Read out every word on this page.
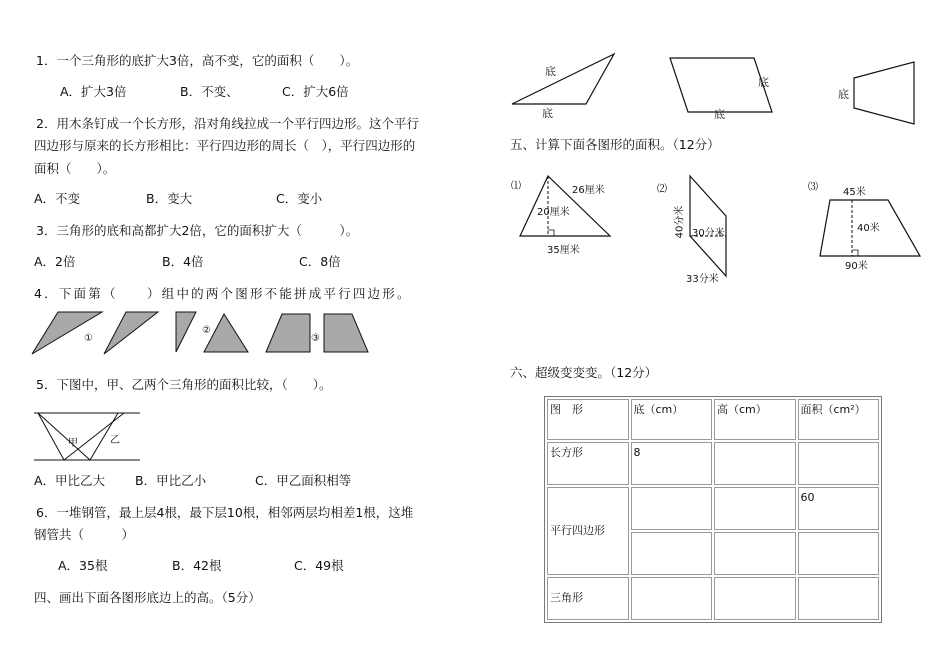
1．一个三角形的底扩大3倍，高不变，它的面积（　　）。
A．扩大3倍	B．不变、	C．扩大6倍
2．用木条钉成一个长方形，沿对角线拉成一个平行四边形。这个平行
四边形与原来的长方形相比：平行四边形的周长（　），平行四边形的
面积（　　）。
A．不变	B．变大	C．变小
3．三角形的底和高都扩大2倍，它的面积扩大（　　　）。
A．2倍	B．4倍	C．8倍
4．下面第（　　）组中的两个图形不能拼成平行四边形。
①
②
③
5．下图中，甲、乙两个三角形的面积比较，（　　）。
甲	乙
A．甲比乙大 B．甲比乙小	C．甲乙面积相等
6．一堆钢管，最上层4根，最下层10根，相邻两层均相差1根，这堆
钢管共（　　　）
A．35根	B．42根	C．49根
四、画出下面各图形底边上的高。（5分）
底
底	底
底
底
五、计算下面各图形的面积。（12分）
⑴	26厘米
20厘米
35厘米
⑵
40分米 30分米
33分米
⑶	45米
40米
90米
六、超级变变变。（12分）
图　形	底（cm）	高（cm）	面积（cm²）
长方形	8		
平行四边形			60

三角形			
